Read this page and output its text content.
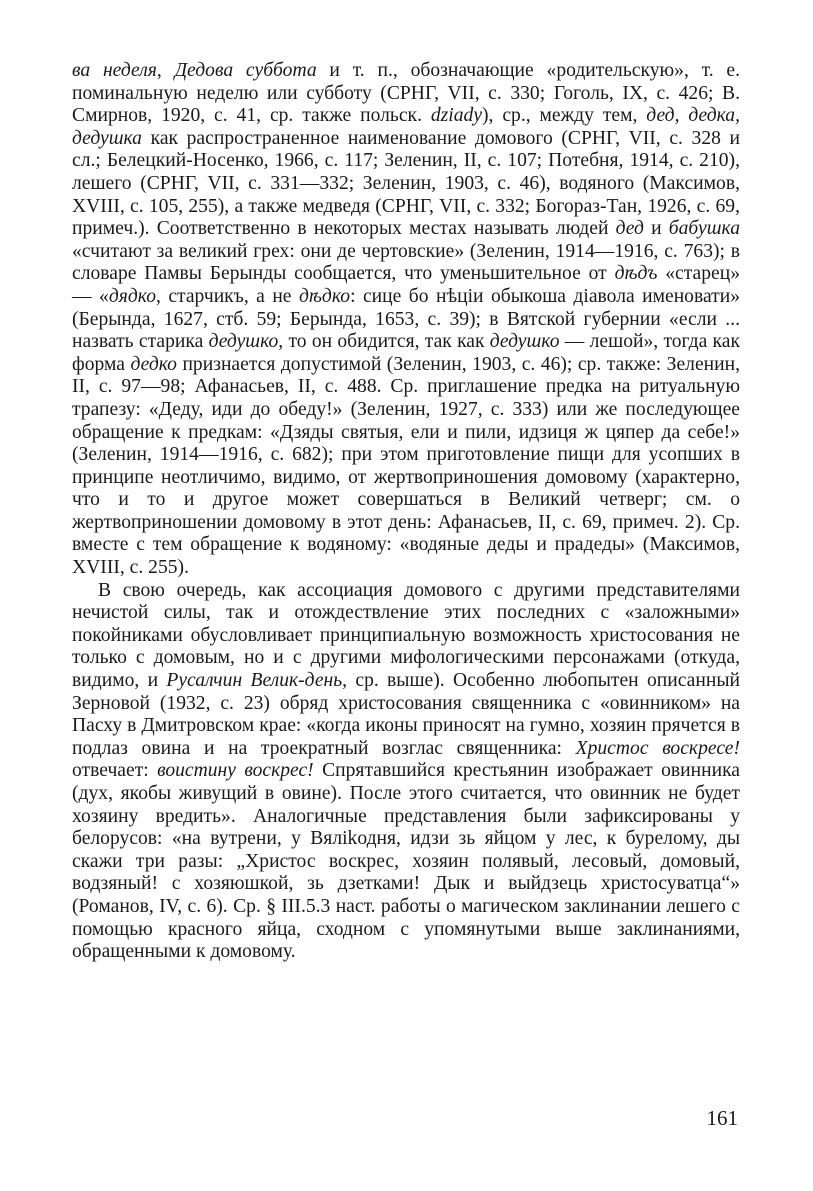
ва неделя, Дедова суббота и т. п., обозначающие «родительскую», т. е. поминальную неделю или субботу (СРНГ, VII, с. 330; Гоголь, IX, с. 426; В. Смирнов, 1920, с. 41, ср. также польск. dziady), ср., между тем, дед, дедка, дедушка как распространенное наименование домового (СРНГ, VII, с. 328 и сл.; Белецкий-Носенко, 1966, с. 117; Зеленин, II, с. 107; Потебня, 1914, с. 210), лешего (СРНГ, VII, с. 331—332; Зеленин, 1903, с. 46), водяного (Максимов, XVIII, с. 105, 255), а также медведя (СРНГ, VII, с. 332; Богораз-Тан, 1926, с. 69, примеч.). Соответственно в некоторых местах называть людей дед и бабушка «считают за великий грех: они де чертовские» (Зеленин, 1914—1916, с. 763); в словаре Памвы Берынды сообщается, что уменьшительное от дѣдъ «старец» — «дядко, старчикъ, а не дѣдко: сице бо нѣціи обыкоша діавола именовати» (Берында, 1627, стб. 59; Берында, 1653, с. 39); в Вятской губернии «если ... назвать старика дедушко, то он обидится, так как дедушко — лешой», тогда как форма дедко признается допустимой (Зеленин, 1903, с. 46); ср. также: Зеленин, II, с. 97—98; Афанасьев, II, с. 488. Ср. приглашение предка на ритуальную трапезу: «Деду, иди до обеду!» (Зеленин, 1927, с. 333) или же последующее обращение к предкам: «Дзяды святыя, ели и пили, идзиця ж цяпер да себе!» (Зеленин, 1914—1916, с. 682); при этом приготовление пищи для усопших в принципе неотличимо, видимо, от жертвоприношения домовому (характерно, что и то и другое может совершаться в Великий четверг; см. о жертвоприношении домовому в этот день: Афанасьев, II, с. 69, примеч. 2). Ср. вместе с тем обращение к водяному: «водяные деды и прадеды» (Максимов, XVIII, с. 255).

В свою очередь, как ассоциация домового с другими представителями нечистой силы, так и отождествление этих последних с «заложными» покойниками обусловливает принципиальную возможность христосования не только с домовым, но и с другими мифологическими персонажами (откуда, видимо, и Русалчин Велик-день, ср. выше). Особенно любопытен описанный Зерновой (1932, с. 23) обряд христосования священника с «овинником» на Пасху в Дмитровском крае: «когда иконы приносят на гумно, хозяин прячется в подлаз овина и на троекратный возглас священника: Христос воскресе! отвечает: воистину воскрес! Спрятавшийся крестьянин изображает овинника (дух, якобы живущий в овине). После этого считается, что овинник не будет хозяину вредить». Аналогичные представления были зафиксированы у белорусов: «на вутрени, у Вялikодня, идзи зь яйцом у лес, к бурелому, ды скажи три разы: „Христос воскрес, хозяин полявый, лесовый, домовый, водзяный! с хозяюшкой, зь дзетками! Дык и выйдзець христосуватца“» (Романов, IV, с. 6). Ср. § III.5.3 наст. работы о магическом заклинании лешего с помощью красного яйца, сходном с упомянутыми выше заклинаниями, обращенными к домовому.

161
